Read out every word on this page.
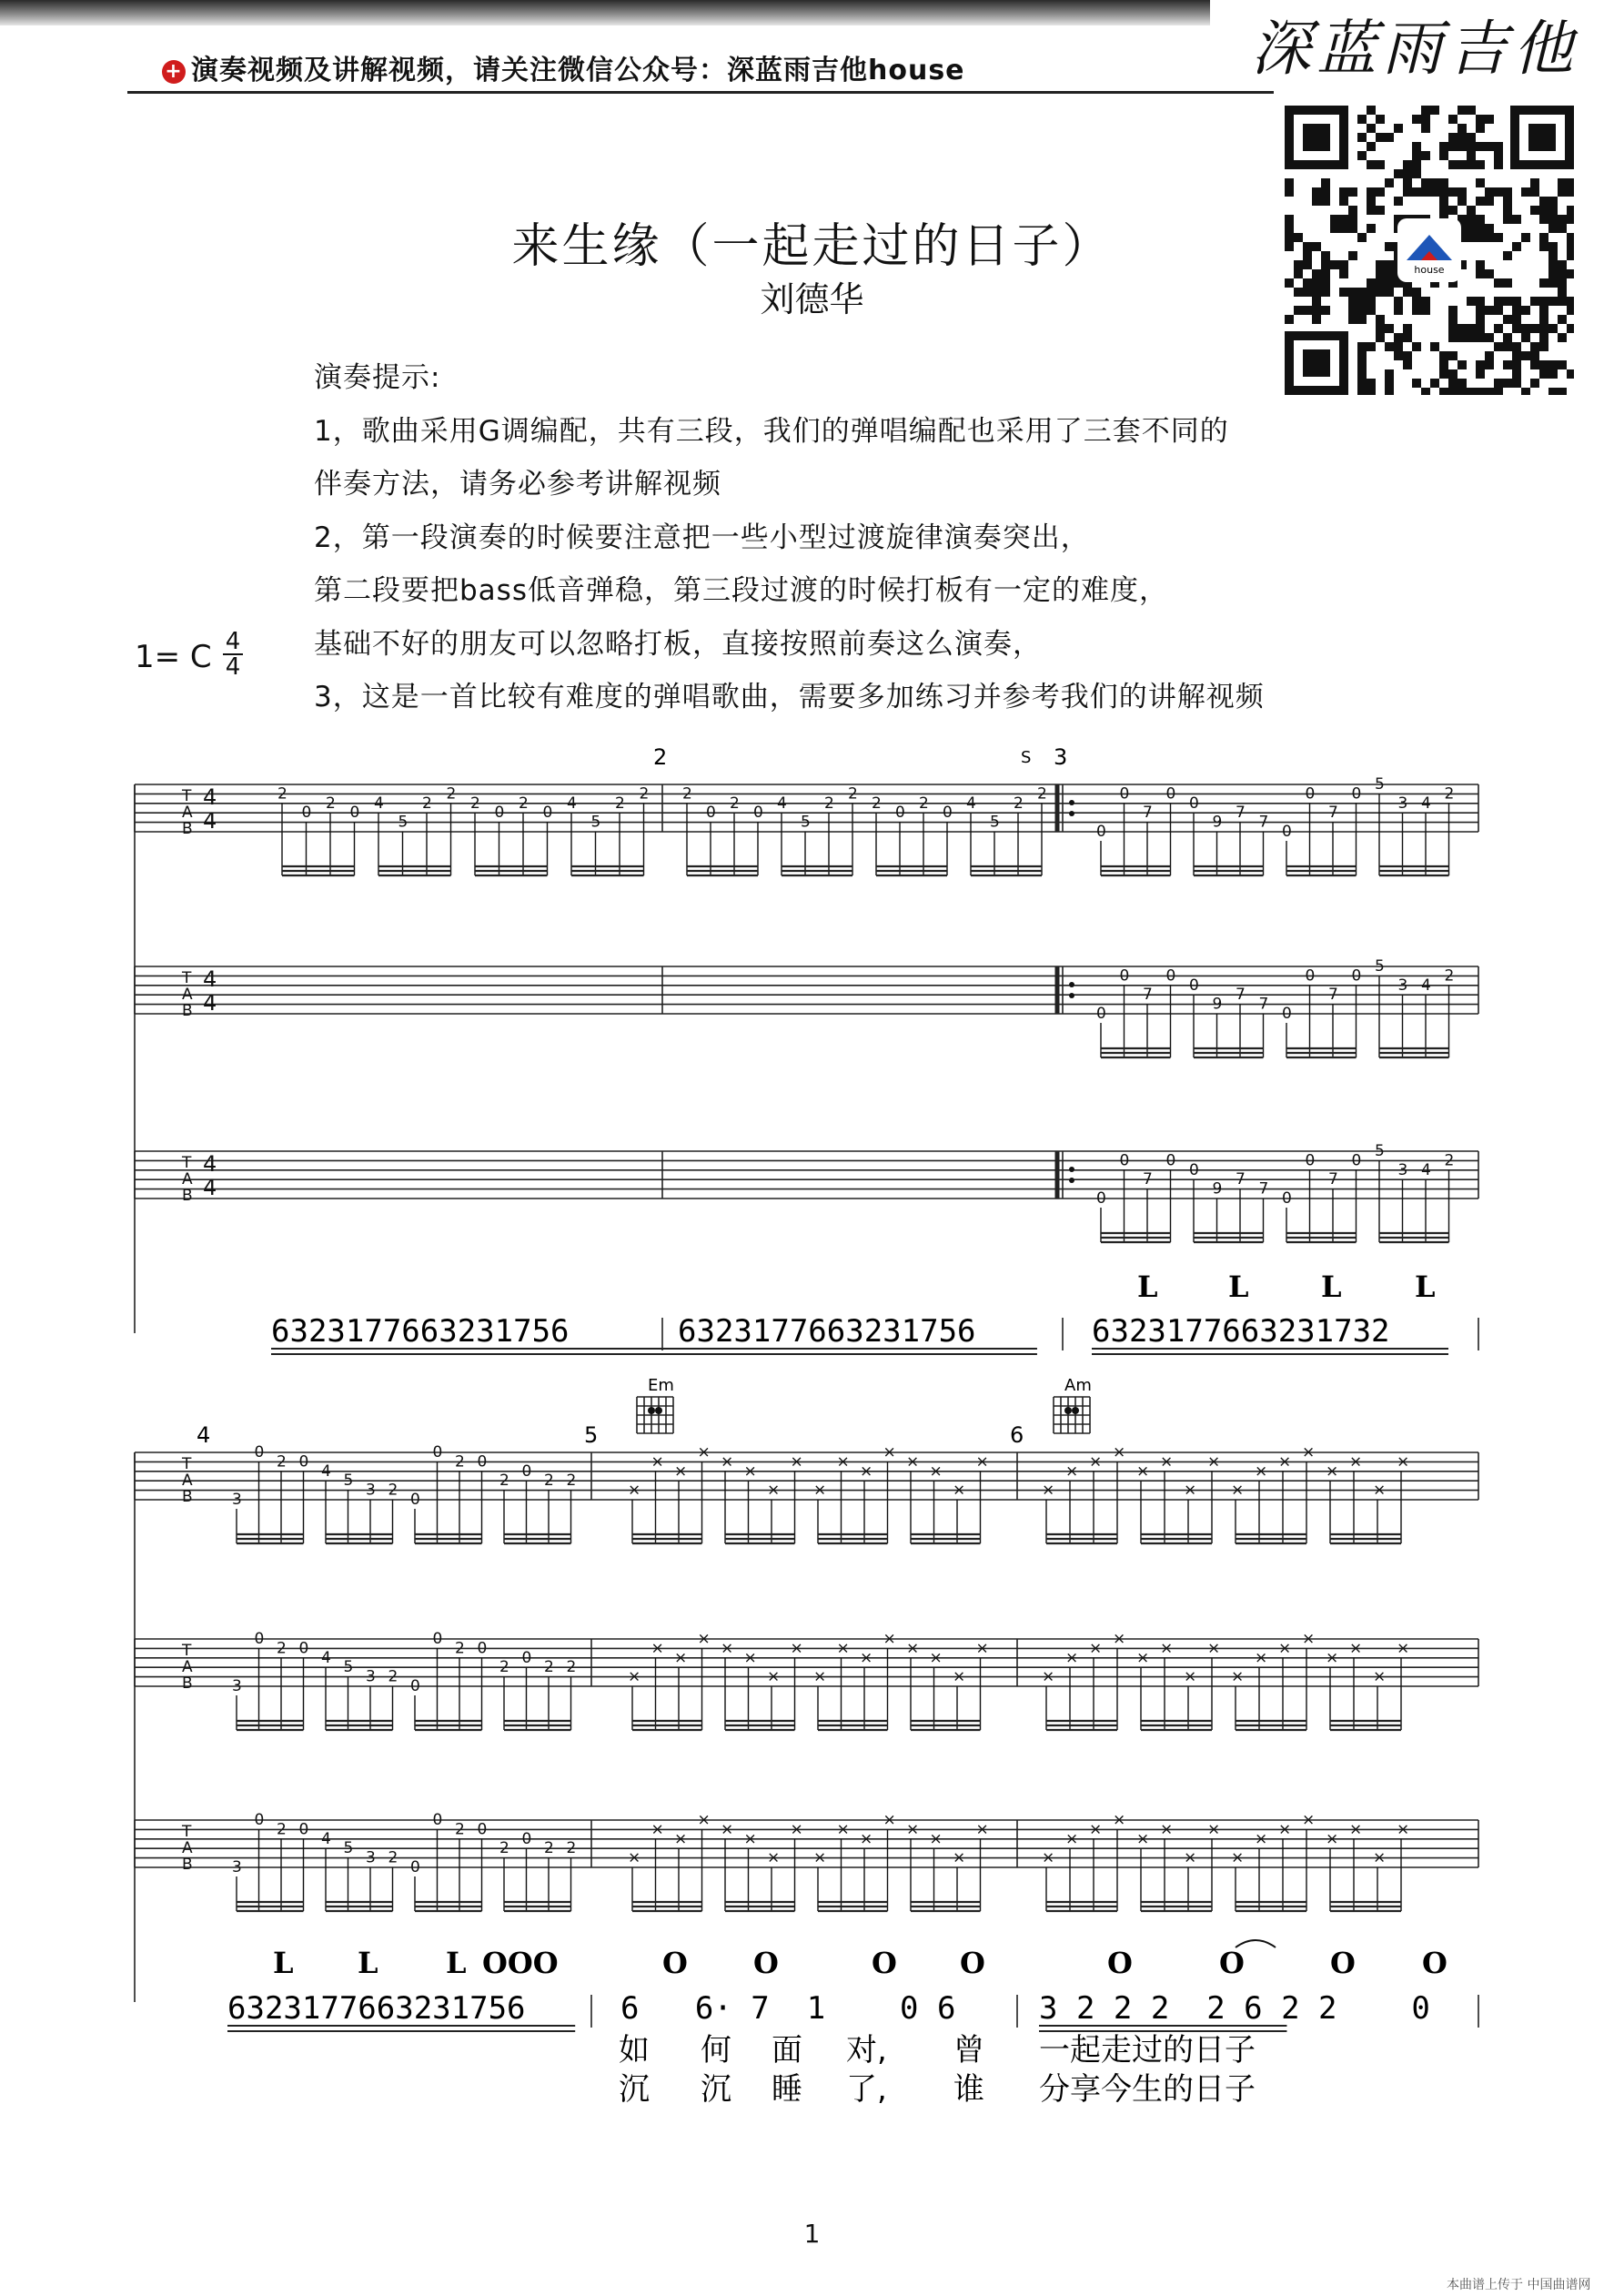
+ 演奏视频及讲解视频，请关注微信公众号：深蓝雨吉他house	深蓝雨吉他
house
来生缘（一起走过的日子）
刘德华
演奏提示:
1，歌曲采用G调编配，共有三段，我们的弹唱编配也采用了三套不同的
伴奏方法，请务必参考讲解视频
2，第一段演奏的时候要注意把一些小型过渡旋律演奏突出，
第二段要把bass低音弹稳，第三段过渡的时候打板有一定的难度，
基础不好的朋友可以忽略打板，直接按照前奏这么演奏，
3，这是一首比较有难度的弹唱歌曲，需要多加练习并参考我们的讲解视频
1= C 4
4
T
A
B
4
4
T
A
B
4
4
T
A
B
4
4
T
A
B
T
A
B
T
A
B
2
0
2
0
4
5
2
2
2
0
2
0
4
5
2
2 2
0
2
0
4
5
2
2
2
0
2
0
4
5
2
2
0
0
7
0
0
9
7
7
0
0
7
0
5
3 4
2
0
0
7
0
0
9
7
7
0
0
7
0
5
3 4
2
0
0
7
0
0
9
7
7
0
0
7
0
5
3 4
2
3
0
2 0
4
5
3 2
0
0
2 0
2
0
2 2
×
×
×
×
×
×
×
×
×
×
×
×
×
×
×
×
×
×
×
×
×
×
×
×
×
×
×
×
×
×
×
×
3
0
2 0
4
5
3 2
0
0
2 0
2
0
2 2
×
×
×
×
×
×
×
×
×
×
×
×
×
×
×
×
×
×
×
×
×
×
×
×
×
×
×
×
×
×
×
×
3
0
2 0
4
5
3 2
0
0
2 0
2
0
2 2
×
×
×
×
×
×
×
×
×
×
×
×
×
×
×
×
×
×
×
×
×
×
×
×
×
×
×
×
×
×
×
×
2	S 3
L L L	L
6323177663231756	6323177663231756	6323177663231732
4	5	6
Em	Am
L L L OOO	O O	O O	O	O	O O
6323177663231756	6   6· 7  1    0 6	3 2 2 2  2 6 2 2    0
如 何 面 对, 曾 一起走过的日子
沉 沉 睡 了, 谁 分享今生的日子
1
本曲谱上传于 中国曲谱网
